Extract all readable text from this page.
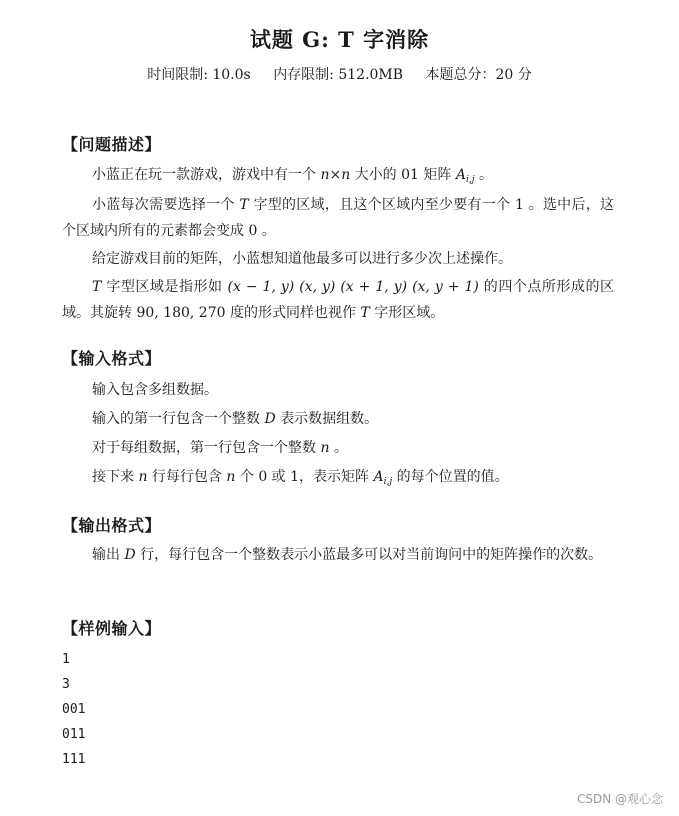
试题 G: T 字消除
时间限制: 10.0s 内存限制: 512.0MB 本题总分：20 分
【问题描述】
小蓝正在玩一款游戏，游戏中有一个 n×n 大小的 01 矩阵 $A_{i,j}$ 。
小蓝每次需要选择一个 T 字型的区域，且这个区域内至少要有一个 1 。选中后，这个区域内所有的元素都会变成 0 。
给定游戏目前的矩阵，小蓝想知道他最多可以进行多少次上述操作。
T 字型区域是指形如 (x − 1, y) (x, y) (x + 1, y) (x, y + 1) 的四个点所形成的区域。其旋转 90, 180, 270 度的形式同样也视作 T 字形区域。
【输入格式】
输入包含多组数据。
输入的第一行包含一个整数 D 表示数据组数。
对于每组数据，第一行包含一个整数 n 。
接下来 n 行每行包含 n 个 0 或 1，表示矩阵 $A_{i,j}$ 的每个位置的值。
【输出格式】
输出 D 行，每行包含一个整数表示小蓝最多可以对当前询问中的矩阵操作的次数。
【样例输入】
1
3
001
011
111
CSDN @观心念
